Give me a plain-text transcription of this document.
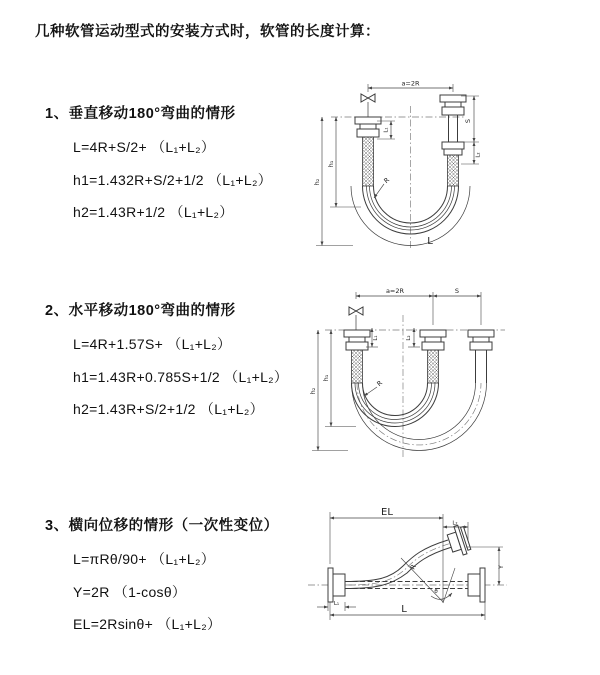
几种软管运动型式的安装方式时，软管的长度计算：
1、垂直移动180°弯曲的情形
L=4R+S/2+ （L₁+L₂）
h1=1.432R+S/2+1/2 （L₁+L₂）
h2=1.43R+1/2 （L₁+L₂）
a=2R
S
L₂
L₁
h₁
h₂	R
L
2、水平移动180°弯曲的情形
L=4R+1.57S+ （L₁+L₂）
h1=1.43R+0.785S+1/2 （L₁+L₂）
h2=1.43R+S/2+1/2 （L₁+L₂）
a=2R	S
h₁
h₂
L₁	L₂
R
3、横向位移的情形（一次性变位）
L=πRθ/90+ （L₁+L₂）
Y=2R （1-cosθ）
EL=2Rsinθ+ （L₁+L₂）
EL
L₂
Y
L
L₁
R
θ
